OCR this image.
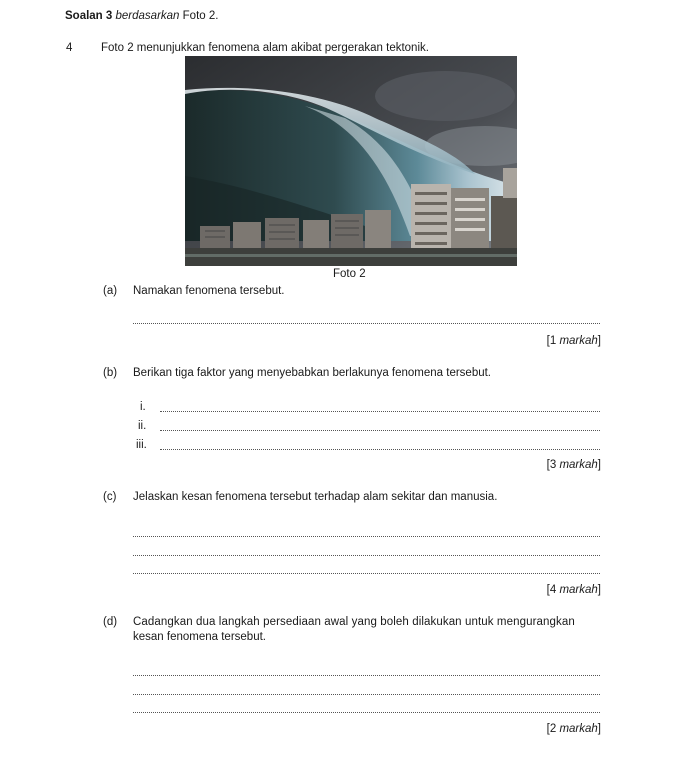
Soalan 3 berdasarkan Foto 2.
4 Foto 2 menunjukkan fenomena alam akibat pergerakan tektonik.
Foto 2
(a) Namakan fenomena tersebut.
[1 markah]
(b) Berikan tiga faktor yang menyebabkan berlakunya fenomena tersebut.
i.
ii.
iii.
[3 markah]
(c) Jelaskan kesan fenomena tersebut terhadap alam sekitar dan manusia.
[4 markah]
(d) Cadangkan dua langkah persediaan awal yang boleh dilakukan untuk mengurangkan
kesan fenomena tersebut.
[2 markah]
